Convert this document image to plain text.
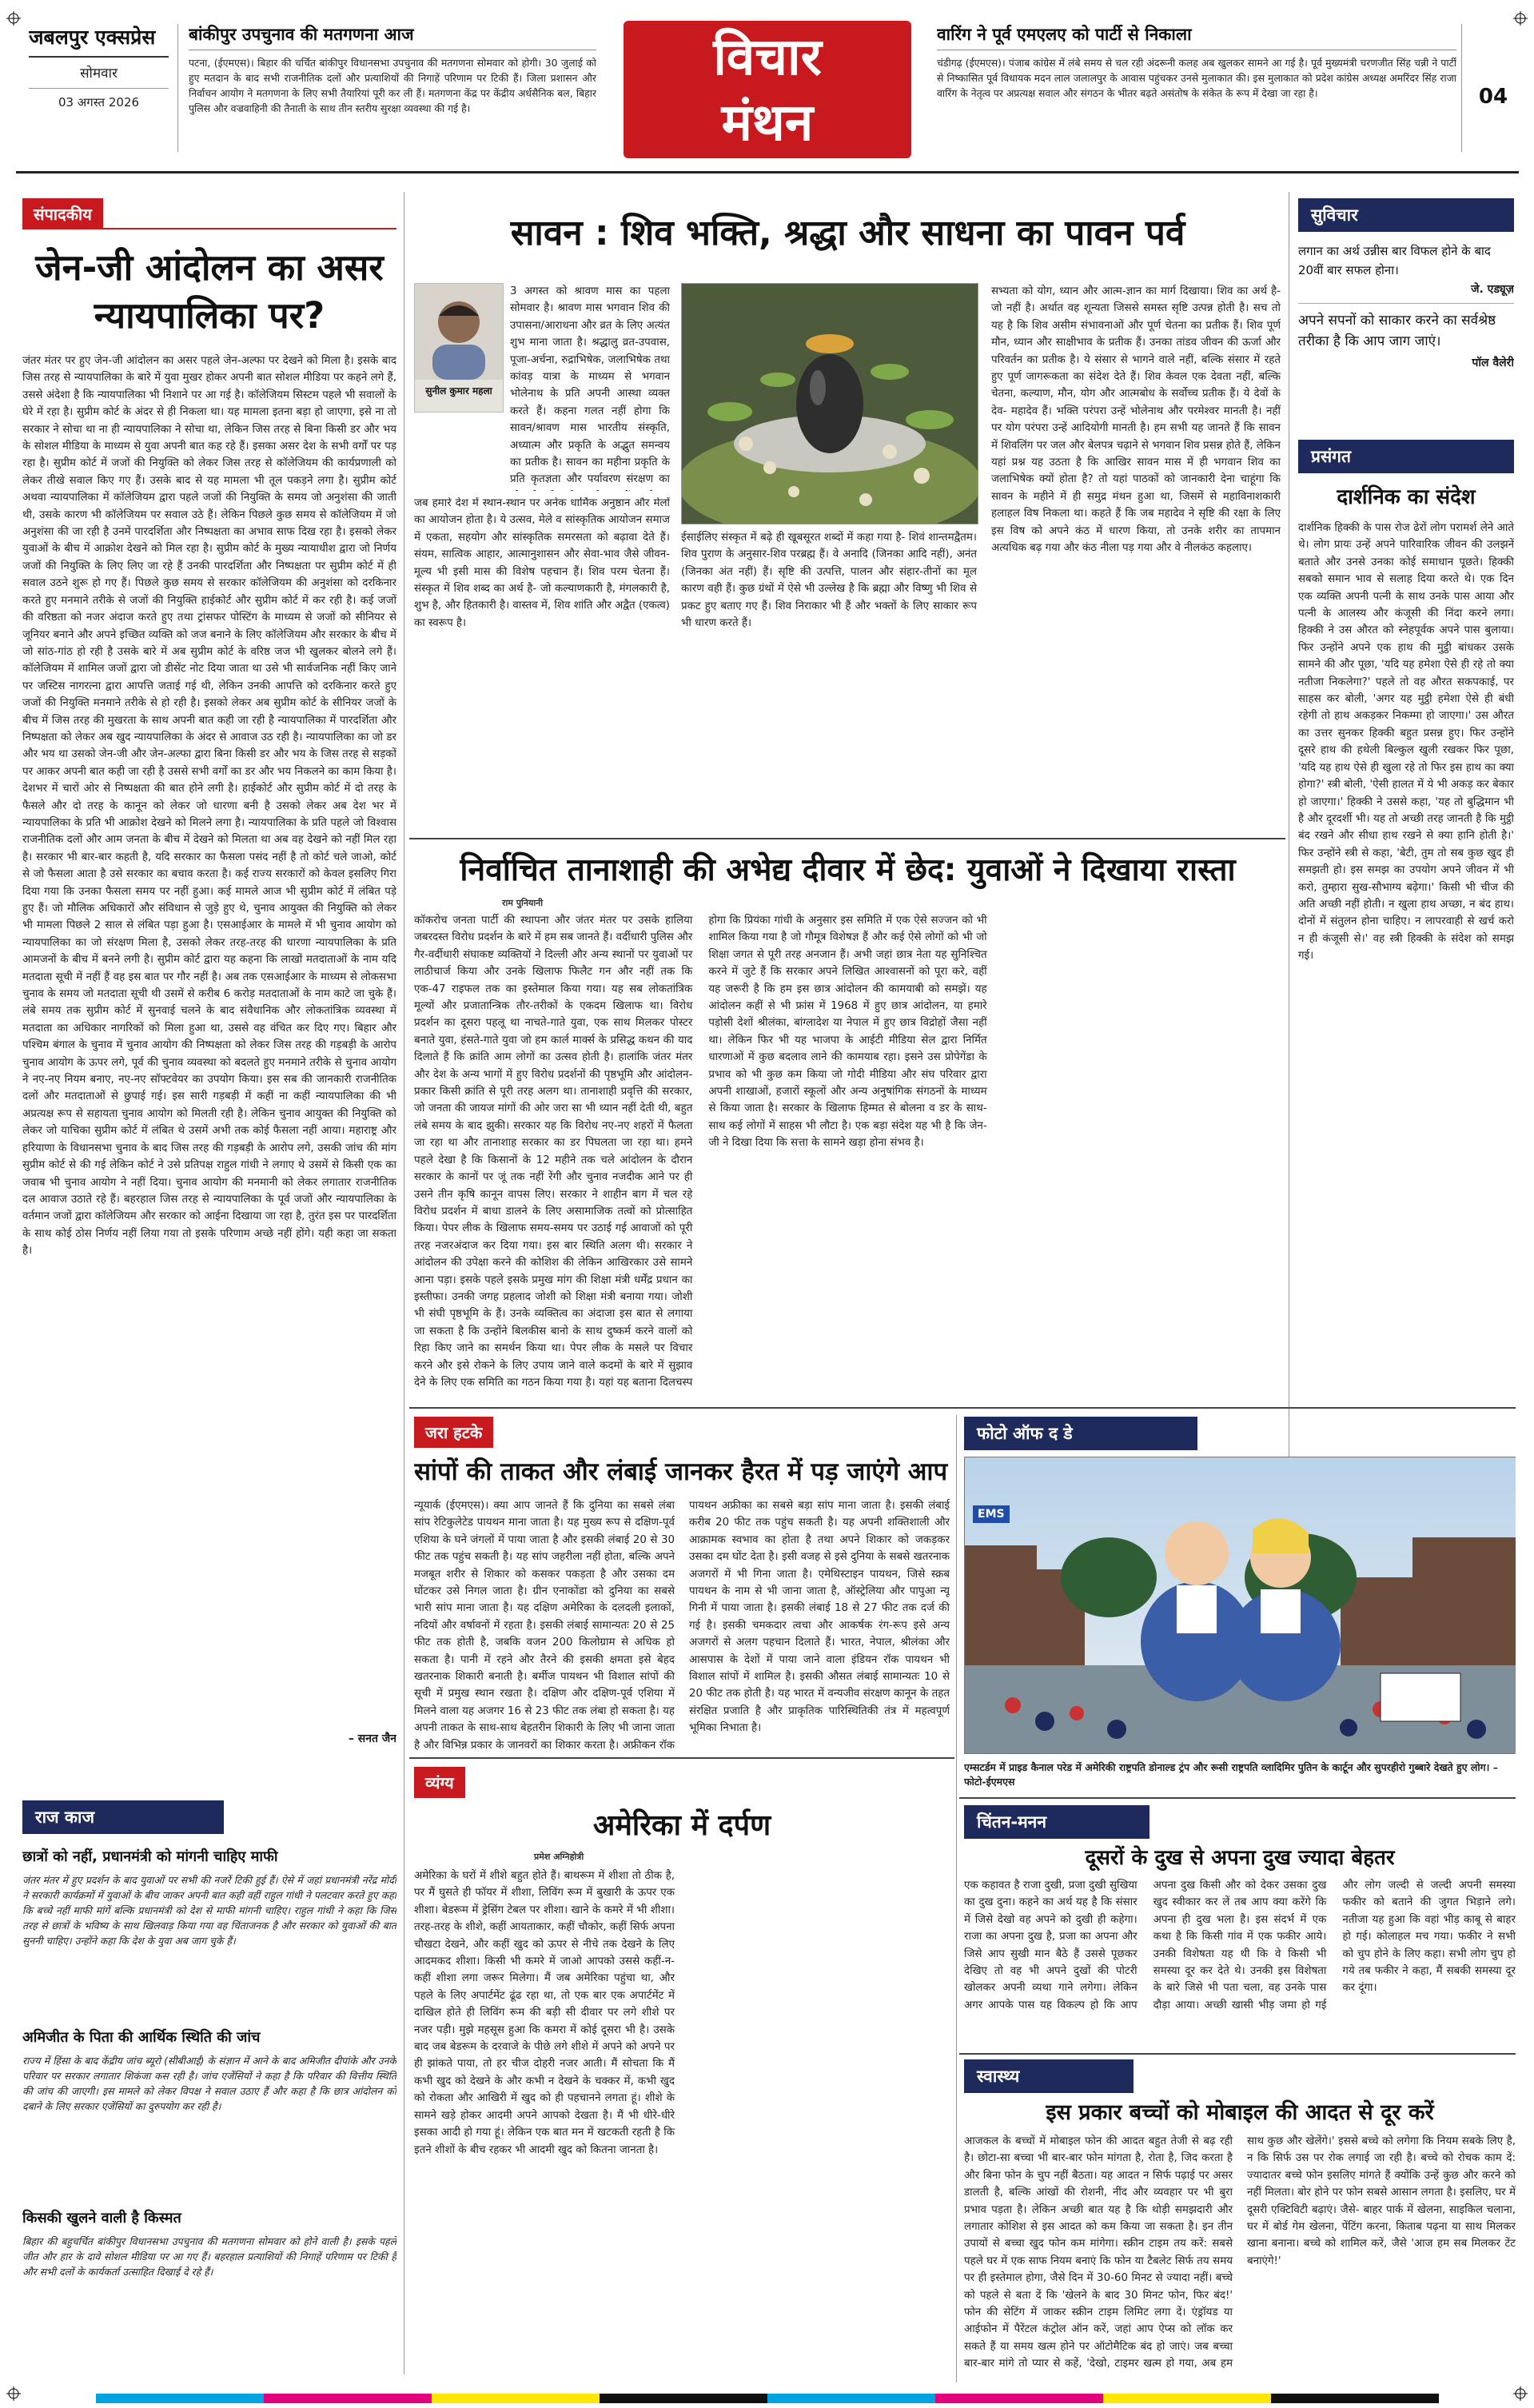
जबलपुर एक्सप्रेस
सोमवार
03 अगस्त 2026
बांकीपुर उपचुनाव की मतगणना आज

पटना, (ईएमएस)। बिहार की चर्चित बांकीपुर विधानसभा उपचुनाव की मतगणना सोमवार को होगी। 30 जुलाई को हुए मतदान के बाद सभी राजनीतिक दलों और प्रत्याशियों की निगाहें परिणाम पर टिकी हैं। जिला प्रशासन और निर्वाचन आयोग ने मतगणना के लिए सभी तैयारियां पूरी कर ली हैं। मतगणना केंद्र पर केंद्रीय अर्धसैनिक बल, बिहार पुलिस और वज्रवाहिनी की तैनाती के साथ तीन स्तरीय सुरक्षा व्यवस्था की गई है।

विचार
मंथन
वारिंग ने पूर्व एमएलए को पार्टी से निकाला

चंडीगढ़ (ईएमएस)। पंजाब कांग्रेस में लंबे समय से चल रही अंदरूनी कलह अब खुलकर सामने आ गई है। पूर्व मुख्यमंत्री चरणजीत सिंह चन्नी ने पार्टी से निष्कासित पूर्व विधायक मदन लाल जलालपुर के आवास पहुंचकर उनसे मुलाकात की। इस मुलाकात को प्रदेश कांग्रेस अध्यक्ष अमरिंदर सिंह राजा वारिंग के नेतृत्व पर अप्रत्यक्ष सवाल और संगठन के भीतर बढ़ते असंतोष के संकेत के रूप में देखा जा रहा है।	04
संपादकीय
जेन-जी आंदोलन का असर न्यायपालिका पर?

जंतर मंतर पर हुए जेन-जी आंदोलन का असर पहले जेन-अल्फा पर देखने को मिला है। इसके बाद जिस तरह से न्यायपालिका के बारे में युवा मुखर होकर अपनी बात सोशल मीडिया पर कहने लगे हैं, उससे अंदेशा है कि न्यायपालिका भी निशाने पर आ गई है। कॉलेजियम सिस्टम पहले भी सवालों के घेरे में रहा है। सुप्रीम कोर्ट के अंदर से ही निकला था। यह मामला इतना बड़ा हो जाएगा, इसे ना तो सरकार ने सोचा था ना ही न्यायपालिका ने सोचा था, लेकिन जिस तरह से बिना किसी डर और भय के सोशल मीडिया के माध्यम से युवा अपनी बात कह रहे हैं। इसका असर देश के सभी वर्गों पर पड़ रहा है। सुप्रीम कोर्ट में जजों की नियुक्ति को लेकर जिस तरह से कॉलेजियम की कार्यप्रणाली को लेकर तीखे सवाल किए गए हैं। उसके बाद से यह मामला भी तूल पकड़ने लगा है। सुप्रीम कोर्ट अथवा न्यायपालिका में कॉलेजियम द्वारा पहले जजों की नियुक्ति के समय जो अनुशंसा की जाती थी, उसके कारण भी कॉलेजियम पर सवाल उठे हैं। लेकिन पिछले कुछ समय से कॉलेजियम में जो अनुशंसा की जा रही है उनमें पारदर्शिता और निष्पक्षता का अभाव साफ दिख रहा है। इसको लेकर युवाओं के बीच में आक्रोश देखने को मिल रहा है। सुप्रीम कोर्ट के मुख्य न्यायाधीश द्वारा जो निर्णय जजों की नियुक्ति के लिए लिए जा रहे हैं उनकी पारदर्शिता और निष्पक्षता पर सुप्रीम कोर्ट में ही सवाल उठने शुरू हो गए हैं। पिछले कुछ समय से सरकार कॉलेजियम की अनुशंसा को दरकिनार करते हुए मनमाने तरीके से जजों की नियुक्ति हाईकोर्ट और सुप्रीम कोर्ट में कर रही है। कई जजों की वरिष्ठता को नजर अंदाज करते हुए तथा ट्रांसफर पोस्टिंग के माध्यम से जजों को सीनियर से जूनियर बनाने और अपने इच्छित व्यक्ति को जज बनाने के लिए कॉलेजियम और सरकार के बीच में जो सांठ-गांठ हो रही है उसके बारे में अब सुप्रीम कोर्ट के वरिष्ठ जज भी खुलकर बोलने लगे हैं। कॉलेजियम में शामिल जजों द्वारा जो डीसेंट नोट दिया जाता था उसे भी सार्वजनिक नहीं किए जाने पर जस्टिस नागरत्ना द्वारा आपत्ति जताई गई थी, लेकिन उनकी आपत्ति को दरकिनार करते हुए जजों की नियुक्ति मनमाने तरीके से हो रही है। इसको लेकर अब सुप्रीम कोर्ट के सीनियर जजों के बीच में जिस तरह की मुखरता के साथ अपनी बात कही जा रही है न्यायपालिका में पारदर्शिता और निष्पक्षता को लेकर अब खुद न्यायपालिका के अंदर से आवाज उठ रही है। न्यायपालिका का जो डर और भय था उसको जेन-जी और जेन-अल्फा द्वारा बिना किसी डर और भय के जिस तरह से सड़कों पर आकर अपनी बात कही जा रही है उससे सभी वर्गों का डर और भय निकलने का काम किया है। देशभर में चारों ओर से निष्पक्षता की बात होने लगी है। हाईकोर्ट और सुप्रीम कोर्ट में दो तरह के फैसले और दो तरह के कानून को लेकर जो धारणा बनी है उसको लेकर अब देश भर में न्यायपालिका के प्रति भी आक्रोश देखने को मिलने लगा है। न्यायपालिका के प्रति पहले जो विश्वास राजनीतिक दलों और आम जनता के बीच में देखने को मिलता था अब वह देखने को नहीं मिल रहा है। सरकार भी बार-बार कहती है, यदि सरकार का फैसला पसंद नहीं है तो कोर्ट चले जाओ, कोर्ट से जो फैसला आता है उसे सरकार का बचाव करता है। कई राज्य सरकारों को केवल इसलिए गिरा दिया गया कि उनका फैसला समय पर नहीं हुआ। कई मामले आज भी सुप्रीम कोर्ट में लंबित पड़े हुए हैं। जो मौलिक अधिकारों और संविधान से जुड़े हुए थे, चुनाव आयुक्त की नियुक्ति को लेकर भी मामला पिछले 2 साल से लंबित पड़ा हुआ है। एसआईआर के मामले में भी चुनाव आयोग को न्यायपालिका का जो संरक्षण मिला है, उसको लेकर तरह-तरह की धारणा न्यायपालिका के प्रति आमजनों के बीच में बनने लगी है। सुप्रीम कोर्ट द्वारा यह कहना कि लाखों मतदाताओं के नाम यदि मतदाता सूची में नहीं हैं वह इस बात पर गौर नहीं है। अब तक एसआईआर के माध्यम से लोकसभा चुनाव के समय जो मतदाता सूची थी उसमें से करीब 6 करोड़ मतदाताओं के नाम काटे जा चुके हैं। लंबे समय तक सुप्रीम कोर्ट में सुनवाई चलने के बाद संवैधानिक और लोकतांत्रिक व्यवस्था में मतदाता का अधिकार नागरिकों को मिला हुआ था, उससे वह वंचित कर दिए गए। बिहार और पश्चिम बंगाल के चुनाव में चुनाव आयोग की निष्पक्षता को लेकर जिस तरह की गड़बड़ी के आरोप चुनाव आयोग के ऊपर लगे, पूर्व की चुनाव व्यवस्था को बदलते हुए मनमाने तरीके से चुनाव आयोग ने नए-नए नियम बनाए, नए-नए सॉफ्टवेयर का उपयोग किया। इस सब की जानकारी राजनीतिक दलों और मतदाताओं से छुपाई गई। इस सारी गड़बड़ी में कहीं ना कहीं न्यायपालिका की भी अप्रत्यक्ष रूप से सहायता चुनाव आयोग को मिलती रही है। लेकिन चुनाव आयुक्त की नियुक्ति को लेकर जो याचिका सुप्रीम कोर्ट में लंबित थे उसमें अभी तक कोई फैसला नहीं आया। महाराष्ट्र और हरियाणा के विधानसभा चुनाव के बाद जिस तरह की गड़बड़ी के आरोप लगे, उसकी जांच की मांग सुप्रीम कोर्ट से की गई लेकिन कोर्ट ने उसे प्रतिपक्ष राहुल गांधी ने लगाए थे उसमें से किसी एक का जवाब भी चुनाव आयोग ने नहीं दिया। चुनाव आयोग की मनमानी को लेकर लगातार राजनीतिक दल आवाज उठाते रहे हैं। बहरहाल जिस तरह से न्यायपालिका के पूर्व जजों और न्यायपालिका के वर्तमान जजों द्वारा कॉलेजियम और सरकार को आईना दिखाया जा रहा है, तुरंत इस पर पारदर्शिता के साथ कोई ठोस निर्णय नहीं लिया गया तो इसके परिणाम अच्छे नहीं होंगे। यही कहा जा सकता है।

– सनत जैन
राज काज
छात्रों को नहीं, प्रधानमंत्री को मांगनी चाहिए माफी

जंतर मंतर में हुए प्रदर्शन के बाद युवाओं पर सभी की नजरें टिकी हुई हैं। ऐसे में जहां प्रधानमंत्री नरेंद्र मोदी ने सरकारी कार्यक्रमों में युवाओं के बीच जाकर अपनी बात कही वहीं राहुल गांधी ने पलटवार करते हुए कहा कि बच्चे नहीं माफी मांगें बल्कि प्रधानमंत्री को देश से माफी मांगनी चाहिए। राहुल गांधी ने कहा कि जिस तरह से छात्रों के भविष्य के साथ खिलवाड़ किया गया वह चिंताजनक है और सरकार को युवाओं की बात सुननी चाहिए। उन्होंने कहा कि देश के युवा अब जाग चुके हैं।

अमिजीत के पिता की आर्थिक स्थिति की जांच

राज्य में हिंसा के बाद केंद्रीय जांच ब्यूरो (सीबीआई) के संज्ञान में आने के बाद अमिजीत दीपांके और उनके परिवार पर सरकार लगातार शिकंजा कस रही है। जांच एजेंसियों ने कहा है कि परिवार की वित्तीय स्थिति की जांच की जाएगी। इस मामले को लेकर विपक्ष ने सवाल उठाए हैं और कहा है कि छात्र आंदोलन को दबाने के लिए सरकार एजेंसियों का दुरुपयोग कर रही है।

किसकी खुलने वाली है किस्मत

बिहार की बहुचर्चित बांकीपुर विधानसभा उपचुनाव की मतगणना सोमवार को होने वाली है। इसके पहले जीत और हार के दावे सोशल मीडिया पर आ गए हैं। बहरहाल प्रत्याशियों की निगाहें परिणाम पर टिकी हैं और सभी दलों के कार्यकर्ता उत्साहित दिखाई दे रहे हैं।

सावन : शिव भक्ति, श्रद्धा और साधना का पावन पर्व
सुनील कुमार महला

3 अगस्त को श्रावण मास का पहला सोमवार है। श्रावण मास भगवान शिव की उपासना/आराधना और व्रत के लिए अत्यंत शुभ माना जाता है। श्रद्धालु व्रत-उपवास, पूजा-अर्चना, रुद्राभिषेक, जलाभिषेक तथा कांवड़ यात्रा के माध्यम से भगवान भोलेनाथ के प्रति अपनी आस्था व्यक्त करते हैं। कहना गलत नहीं होगा कि सावन/श्रावण मास भारतीय संस्कृति, अध्यात्म और प्रकृति के अद्भुत समन्वय का प्रतीक है। सावन का महीना प्रकृति के प्रति कृतज्ञता और पर्यावरण संरक्षण का

जब हमारे देश में स्थान-स्थान पर अनेक धार्मिक अनुष्ठान और मेलों का आयोजन होता है। ये उत्सव, मेले व सांस्कृतिक आयोजन समाज में एकता, सहयोग और सांस्कृतिक समरसता को बढ़ावा देते हैं। संयम, सात्विक आहार, आत्मानुशासन और सेवा-भाव जैसे जीवन-मूल्य भी इसी मास की विशेष पहचान हैं। शिव परम चेतना हैं। संस्कृत में शिव शब्द का अर्थ है- जो कल्याणकारी है, मंगलकारी है, शुभ है, और हितकारी है। वास्तव में, शिव शांति और अद्वैत (एकत्व) का स्वरूप है।

ईसाईलिए संस्कृत में बढ़े ही खूबसूरत शब्दों में कहा गया है- शिवं शान्तमद्वैतम। शिव पुराण के अनुसार-शिव परब्रह्म हैं। वे अनादि (जिनका आदि नहीं), अनंत (जिनका अंत नहीं) हैं। सृष्टि की उत्पत्ति, पालन और संहार-तीनों का मूल कारण वही हैं। कुछ ग्रंथों में ऐसे भी उल्लेख है कि ब्रह्मा और विष्णु भी शिव से प्रकट हुए बताए गए हैं। शिव निराकार भी हैं और भक्तों के लिए साकार रूप भी धारण करते हैं।

सभ्यता को योग, ध्यान और आत्म-ज्ञान का मार्ग दिखाया। शिव का अर्थ है-जो नहीं है। अर्थात वह शून्यता जिससे समस्त सृष्टि उत्पन्न होती है। सच तो यह है कि शिव असीम संभावनाओं और पूर्ण चेतना का प्रतीक हैं। शिव पूर्ण मौन, ध्यान और साक्षीभाव के प्रतीक हैं। उनका तांडव जीवन की ऊर्जा और परिवर्तन का प्रतीक है। ये संसार से भागने वाले नहीं, बल्कि संसार में रहते हुए पूर्ण जागरूकता का संदेश देते हैं। शिव केवल एक देवता नहीं, बल्कि चेतना, कल्याण, मौन, योग और आत्मबोध के सर्वोच्च प्रतीक हैं। ये देवों के देव- महादेव हैं। भक्ति परंपरा उन्हें भोलेनाथ और परमेश्वर मानती है। नहीं पर योग परंपरा उन्हें आदियोगी मानती है। हम सभी यह जानते हैं कि सावन में शिवलिंग पर जल और बेलपत्र चढ़ाने से भगवान शिव प्रसन्न होते हैं, लेकिन यहां प्रश्न यह उठता है कि आखिर सावन मास में ही भगवान शिव का जलाभिषेक क्यों होता है? तो यहां पाठकों को जानकारी देना चाहूंगा कि सावन के महीने में ही समुद्र मंथन हुआ था, जिसमें से महाविनाशकारी हलाहल विष निकला था। कहते हैं कि जब महादेव ने सृष्टि की रक्षा के लिए इस विष को अपने कंठ में धारण किया, तो उनके शरीर का तापमान अत्यधिक बढ़ गया और कंठ नीला पड़ गया और वे नीलकंठ कहलाए।

सुविचार
लगान का अर्थ उन्नीस बार विफल होने के बाद 20वीं बार सफल होना।
जे. एड्यूज़
अपने सपनों को साकार करने का सर्वश्रेष्ठ तरीका है कि आप जाग जाएं।
पॉल वैलेरी
प्रसंगत
दार्शनिक का संदेश

दार्शनिक हिक्की के पास रोज ढेरों लोग परामर्श लेने आते थे। लोग प्रायः उन्हें अपने पारिवारिक जीवन की उलझनें बताते और उनसे उनका कोई समाधान पूछते। हिक्की सबको समान भाव से सलाह दिया करते थे। एक दिन एक व्यक्ति अपनी पत्नी के साथ उनके पास आया और पत्नी के आलस्य और कंजूसी की निंदा करने लगा। हिक्की ने उस औरत को स्नेहपूर्वक अपने पास बुलाया। फिर उन्होंने अपने एक हाथ की मुट्ठी बांधकर उसके सामने की और पूछा, 'यदि यह हमेशा ऐसे ही रहे तो क्या नतीजा निकलेगा?' पहले तो वह औरत सकपकाई, पर साहस कर बोली, 'अगर यह मुट्ठी हमेशा ऐसे ही बंधी रहेगी तो हाथ अकड़कर निकम्मा हो जाएगा।' उस औरत का उत्तर सुनकर हिक्की बहुत प्रसन्न हुए। फिर उन्होंने दूसरे हाथ की हथेली बिल्कुल खुली रखकर फिर पूछा, 'यदि यह हाथ ऐसे ही खुला रहे तो फिर इस हाथ का क्या होगा?' स्त्री बोली, 'ऐसी हालत में ये भी अकड़ कर बेकार हो जाएगा।' हिक्की ने उससे कहा, 'यह तो बुद्धिमान भी है और दूरदर्शी भी। यह तो अच्छी तरह जानती है कि मुट्ठी बंद रखने और सीधा हाथ रखने से क्या हानि होती है।' फिर उन्होंने स्त्री से कहा, 'बेटी, तुम तो सब कुछ खुद ही समझती हो। इस समझ का उपयोग अपने जीवन में भी करो, तुम्हारा सुख-सौभाग्य बढ़ेगा।' किसी भी चीज की अति अच्छी नहीं होती। न खुला हाथ अच्छा, न बंद हाथ। दोनों में संतुलन होना चाहिए। न लापरवाही से खर्च करो न ही कंजूसी से।' वह स्त्री हिक्की के संदेश को समझ गई।

निर्वाचित तानाशाही की अभेद्य दीवार में छेद: युवाओं ने दिखाया रास्ता
राम पुनियानी
कॉकरोच जनता पार्टी की स्थापना और जंतर मंतर पर उसके हालिया जबरदस्त विरोध प्रदर्शन के बारे में हम सब जानते हैं। वर्दीधारी पुलिस और गैर-वर्दीधारी संघाकष्ट व्यक्तियों ने दिल्ली और अन्य स्थानों पर युवाओं पर लाठीचार्ज किया और उनके खिलाफ फिलैट गन और नहीं तक कि एक-47 राइफल तक का इस्तेमाल किया गया। यह सब लोकतांत्रिक मूल्यों और प्रजातान्त्रिक तौर-तरीकों के एकदम खिलाफ था। विरोध प्रदर्शन का दूसरा पहलू था नाचते-गाते युवा, एक साथ मिलकर पोस्टर बनाते युवा, हंसते-गाते युवा जो हम कार्ल मार्क्स के प्रसिद्ध कथन की याद दिलाते हैं कि क्रांति आम लोगों का उत्सव होती है। हालांकि जंतर मंतर और देश के अन्य भागों में हुए विरोध प्रदर्शनों की पृष्ठभूमि और आंदोलन-प्रकार किसी क्रांति से पूरी तरह अलग था। तानाशाही प्रवृत्ति की सरकार, जो जनता की जायज मांगों की ओर जरा सा भी ध्यान नहीं देती थी, बहुत लंबे समय के बाद झुकी। सरकार यह कि विरोध नए-नए शहरों में फैलता जा रहा था और तानाशाह सरकार का डर पिघलता जा रहा था। हमने पहले देखा है कि किसानों के 12 महीने तक चले आंदोलन के दौरान सरकार के कानों पर जूं तक नहीं रेंगी और चुनाव नजदीक आने पर ही उसने तीन कृषि कानून वापस लिए। सरकार ने शाहीन बाग में चल रहे विरोध प्रदर्शन में बाधा डालने के लिए असामाजिक तत्वों को प्रोत्साहित किया। पेपर लीक के खिलाफ समय-समय पर उठाई गई आवाजों को पूरी तरह नजरअंदाज कर दिया गया। इस बार स्थिति अलग थी। सरकार ने आंदोलन की उपेक्षा करने की कोशिश की लेकिन आखिरकार उसे सामने आना पड़ा। इसके पहले इसके प्रमुख मांग की शिक्षा मंत्री धर्मेंद्र प्रधान का इस्तीफा। उनकी जगह प्रहलाद जोशी को शिक्षा मंत्री बनाया गया। जोशी भी संघी पृष्ठभूमि के हैं। उनके व्यक्तित्व का अंदाजा इस बात से लगाया जा सकता है कि उन्होंने बिलकीस बानो के साथ दुष्कर्म करने वालों को रिहा किए जाने का समर्थन किया था। पेपर लीक के मसले पर विचार करने और इसे रोकने के लिए उपाय जाने वाले कदमों के बारे में सुझाव देने के लिए एक समिति का गठन किया गया है। यहां यह बताना दिलचस्प होगा कि प्रियंका गांधी के अनुसार इस समिति में एक ऐसे सज्जन को भी शामिल किया गया है जो गौमूत्र विशेषज्ञ हैं और कई ऐसे लोगों को भी जो शिक्षा जगत से पूरी तरह अनजान हैं। अभी जहां छात्र नेता यह सुनिश्चित करने में जुटे हैं कि सरकार अपने लिखित आश्वासनों को पूरा करे, वहीं यह जरूरी है कि हम इस छात्र आंदोलन की कामयाबी को समझें। यह आंदोलन कहीं से भी फ्रांस में 1968 में हुए छात्र आंदोलन, या हमारे पड़ोसी देशों श्रीलंका, बांग्लादेश या नेपाल में हुए छात्र विद्रोहों जैसा नहीं था। लेकिन फिर भी यह भाजपा के आईटी मीडिया सेल द्वारा निर्मित धारणाओं में कुछ बदलाव लाने की कामयाब रहा। इसने उस प्रोपेगेंडा के प्रभाव को भी कुछ कम किया जो गोदी मीडिया और संघ परिवार द्वारा अपनी शाखाओं, हजारों स्कूलों और अन्य अनुषांगिक संगठनों के माध्यम से किया जाता है। सरकार के खिलाफ हिम्मत से बोलना व डर के साथ-साथ कई लोगों में साहस भी लौटा है। एक बड़ा संदेश यह भी है कि जेन-जी ने दिखा दिया कि सत्ता के सामने खड़ा होना संभव है।
जरा हटके
सांपों की ताकत और लंबाई जानकर हैरत में पड़ जाएंगे आप
न्यूयार्क (ईएमएस)। क्या आप जानते हैं कि दुनिया का सबसे लंबा सांप रेटिकुलेटेड पायथन माना जाता है। यह मुख्य रूप से दक्षिण-पूर्व एशिया के घने जंगलों में पाया जाता है और इसकी लंबाई 20 से 30 फीट तक पहुंच सकती है। यह सांप जहरीला नहीं होता, बल्कि अपने मजबूत शरीर से शिकार को कसकर पकड़ता है और उसका दम घोंटकर उसे निगल जाता है। ग्रीन एनाकोंडा को दुनिया का सबसे भारी सांप माना जाता है। यह दक्षिण अमेरिका के दलदली इलाकों, नदियों और वर्षावनों में रहता है। इसकी लंबाई सामान्यतः 20 से 25 फीट तक होती है, जबकि वजन 200 किलोग्राम से अधिक हो सकता है। पानी में रहने और तैरने की इसकी क्षमता इसे बेहद खतरनाक शिकारी बनाती है। बर्मीज पायथन भी विशाल सांपों की सूची में प्रमुख स्थान रखता है। दक्षिण और दक्षिण-पूर्व एशिया में मिलने वाला यह अजगर 16 से 23 फीट तक लंबा हो सकता है। यह अपनी ताकत के साथ-साथ बेहतरीन शिकारी के लिए भी जाना जाता है और विभिन्न प्रकार के जानवरों का शिकार करता है। अफ्रीकन रॉक पायथन अफ्रीका का सबसे बड़ा सांप माना जाता है। इसकी लंबाई करीब 20 फीट तक पहुंच सकती है। यह अपनी शक्तिशाली और आक्रामक स्वभाव का होता है तथा अपने शिकार को जकड़कर उसका दम घोंट देता है। इसी वजह से इसे दुनिया के सबसे खतरनाक अजगरों में भी गिना जाता है। एमेथिस्टाइन पायथन, जिसे स्क्रब पायथन के नाम से भी जाना जाता है, ऑस्ट्रेलिया और पापुआ न्यू गिनी में पाया जाता है। इसकी लंबाई 18 से 27 फीट तक दर्ज की गई है। इसकी चमकदार त्वचा और आकर्षक रंग-रूप इसे अन्य अजगरों से अलग पहचान दिलाते हैं। भारत, नेपाल, श्रीलंका और आसपास के देशों में पाया जाने वाला इंडियन रॉक पायथन भी विशाल सांपों में शामिल है। इसकी औसत लंबाई सामान्यतः 10 से 20 फीट तक होती है। यह भारत में वन्यजीव संरक्षण कानून के तहत संरक्षित प्रजाति है और प्राकृतिक पारिस्थितिकी तंत्र में महत्वपूर्ण भूमिका निभाता है।
फोटो ऑफ द डे
EMS
एम्सटर्डम में प्राइड कैनाल परेड में अमेरिकी राष्ट्रपति डोनाल्ड ट्रंप और रूसी राष्ट्रपति व्लादिमिर पुतिन के कार्टून और सुपरहीरो गुब्बारे देखते हुए लोग। –फोटो-ईएमएस
चिंतन-मनन
दूसरों के दुख से अपना दुख ज्यादा बेहतर
एक कहावत है राजा दुखी, प्रजा दुखी सुखिया का दुख दुना। कहने का अर्थ यह है कि संसार में जिसे देखो वह अपने को दुखी ही कहेगा। राजा का अपना दुख है, प्रजा का अपना और जिसे आप सुखी मान बैठे हैं उससे पूछकर देखिए तो वह भी अपने दुखों की पोटरी खोलकर अपनी व्यथा गाने लगेगा। लेकिन अगर आपके पास यह विकल्प हो कि आप अपना दुख किसी और को देकर उसका दुख खुद स्वीकार कर लें तब आप क्या करेंगे कि अपना ही दुख भला है। इस संदर्भ में एक कथा है कि किसी गांव में एक फकीर आये। उनकी विशेषता यह थी कि वे किसी भी समस्या दूर कर देते थे। उनकी इस विशेषता के बारे जिसे भी पता चला, वह उनके पास दौड़ा आया। अच्छी खासी भीड़ जमा हो गई और लोग जल्दी से जल्दी अपनी समस्या फकीर को बताने की जुगत भिड़ाने लगे। नतीजा यह हुआ कि वहां भीड़ काबू से बाहर हो गई। कोलाहल मच गया। फकीर ने सभी को चुप होने के लिए कहा। सभी लोग चुप हो गये तब फकीर ने कहा, मैं सबकी समस्या दूर कर दूंगा।
व्यंग्य
अमेरिका में दर्पण
प्रमेश अग्निहोत्री
अमेरिका के घरों में शीशे बहुत होते हैं। बाथरूम में शीशा तो ठीक है, पर मैं घुसते ही फॉयर में शीशा, लिविंग रूम में बुखारी के ऊपर एक शीशा। बेडरूम में ड्रेसिंग टेबल पर शीशा। खाने के कमरे में भी शीशा। तरह-तरह के शीशे, कहीं आयताकार, कहीं चौकोर, कहीं सिर्फ अपना चौखटा देखने, और कहीं खुद को ऊपर से नीचे तक देखने के लिए आदमकद शीशा। किसी भी कमरे में जाओ आपको उससे कहीं-न-कहीं शीशा लगा जरूर मिलेगा। मैं जब अमेरिका पहुंचा था, और पहले के लिए अपार्टमेंट ढूंढ रहा था, तो एक बार एक अपार्टमेंट में दाखिल होते ही लिविंग रूम की बड़ी सी दीवार पर लगे शीशे पर नजर पड़ी। मुझे महसूस हुआ कि कमरा में कोई दूसरा भी है। उसके बाद जब बेडरूम के दरवाजे के पीछे लगे शीशे में अपने को अपने पर ही झांकते पाया, तो हर चीज दोहरी नजर आती। मैं सोचता कि मैं कभी खुद को देखने के और कभी न देखने के चक्कर में, कभी खुद को रोकता और आखिरी में खुद को ही पहचानने लगता हूं। शीशे के सामने खड़े होकर आदमी अपने आपको देखता है। मैं भी धीरे-धीरे इसका आदी हो गया हूं। लेकिन एक बात मन में खटकती रहती है कि इतने शीशों के बीच रहकर भी आदमी खुद को कितना जानता है।
स्वास्थ्य
इस प्रकार बच्चों को मोबाइल की आदत से दूर करें
आजकल के बच्चों में मोबाइल फोन की आदत बहुत तेजी से बढ़ रही है। छोटा-सा बच्चा भी बार-बार फोन मांगता है, रोता है, जिद करता है और बिना फोन के चुप नहीं बैठता। यह आदत न सिर्फ पढ़ाई पर असर डालती है, बल्कि आंखों की रोशनी, नींद और व्यवहार पर भी बुरा प्रभाव पड़ता है। लेकिन अच्छी बात यह है कि थोड़ी समझदारी और लगातार कोशिश से इस आदत को कम किया जा सकता है। इन तीन उपायों से बच्चा खुद फोन कम मांगेगा। स्क्रीन टाइम तय करें: सबसे पहले घर में एक साफ नियम बनाएं कि फोन या टैबलेट सिर्फ तय समय पर ही इस्तेमाल होगा, जैसे दिन में 30-60 मिनट से ज्यादा नहीं। बच्चे को पहले से बता दें कि 'खेलने के बाद 30 मिनट फोन, फिर बंद!' फोन की सेटिंग में जाकर स्क्रीन टाइम लिमिट लगा दें। एंड्रॉयड या आईफोन में पैरेंटल कंट्रोल ऑन करें, जहां आप ऐप्स को लॉक कर सकते हैं या समय खत्म होने पर ऑटोमैटिक बंद हो जाएं। जब बच्चा बार-बार मांगे तो प्यार से कहें, 'देखो, टाइमर खत्म हो गया, अब हम साथ कुछ और खेलेंगे।' इससे बच्चे को लगेगा कि नियम सबके लिए है, न कि सिर्फ उस पर रोक लगाई जा रही है। बच्चे को रोचक काम दें: ज्यादातर बच्चे फोन इसलिए मांगते हैं क्योंकि उन्हें कुछ और करने को नहीं मिलता। बोर होने पर फोन सबसे आसान लगता है। इसलिए, घर में दूसरी एक्टिविटी बढ़ाएं। जैसे- बाहर पार्क में खेलना, साइकिल चलाना, घर में बोर्ड गेम खेलना, पेंटिंग करना, किताब पढ़ना या साथ मिलकर खाना बनाना। बच्चे को शामिल करें, जैसे 'आज हम सब मिलकर टेंट बनाएंगे!'
